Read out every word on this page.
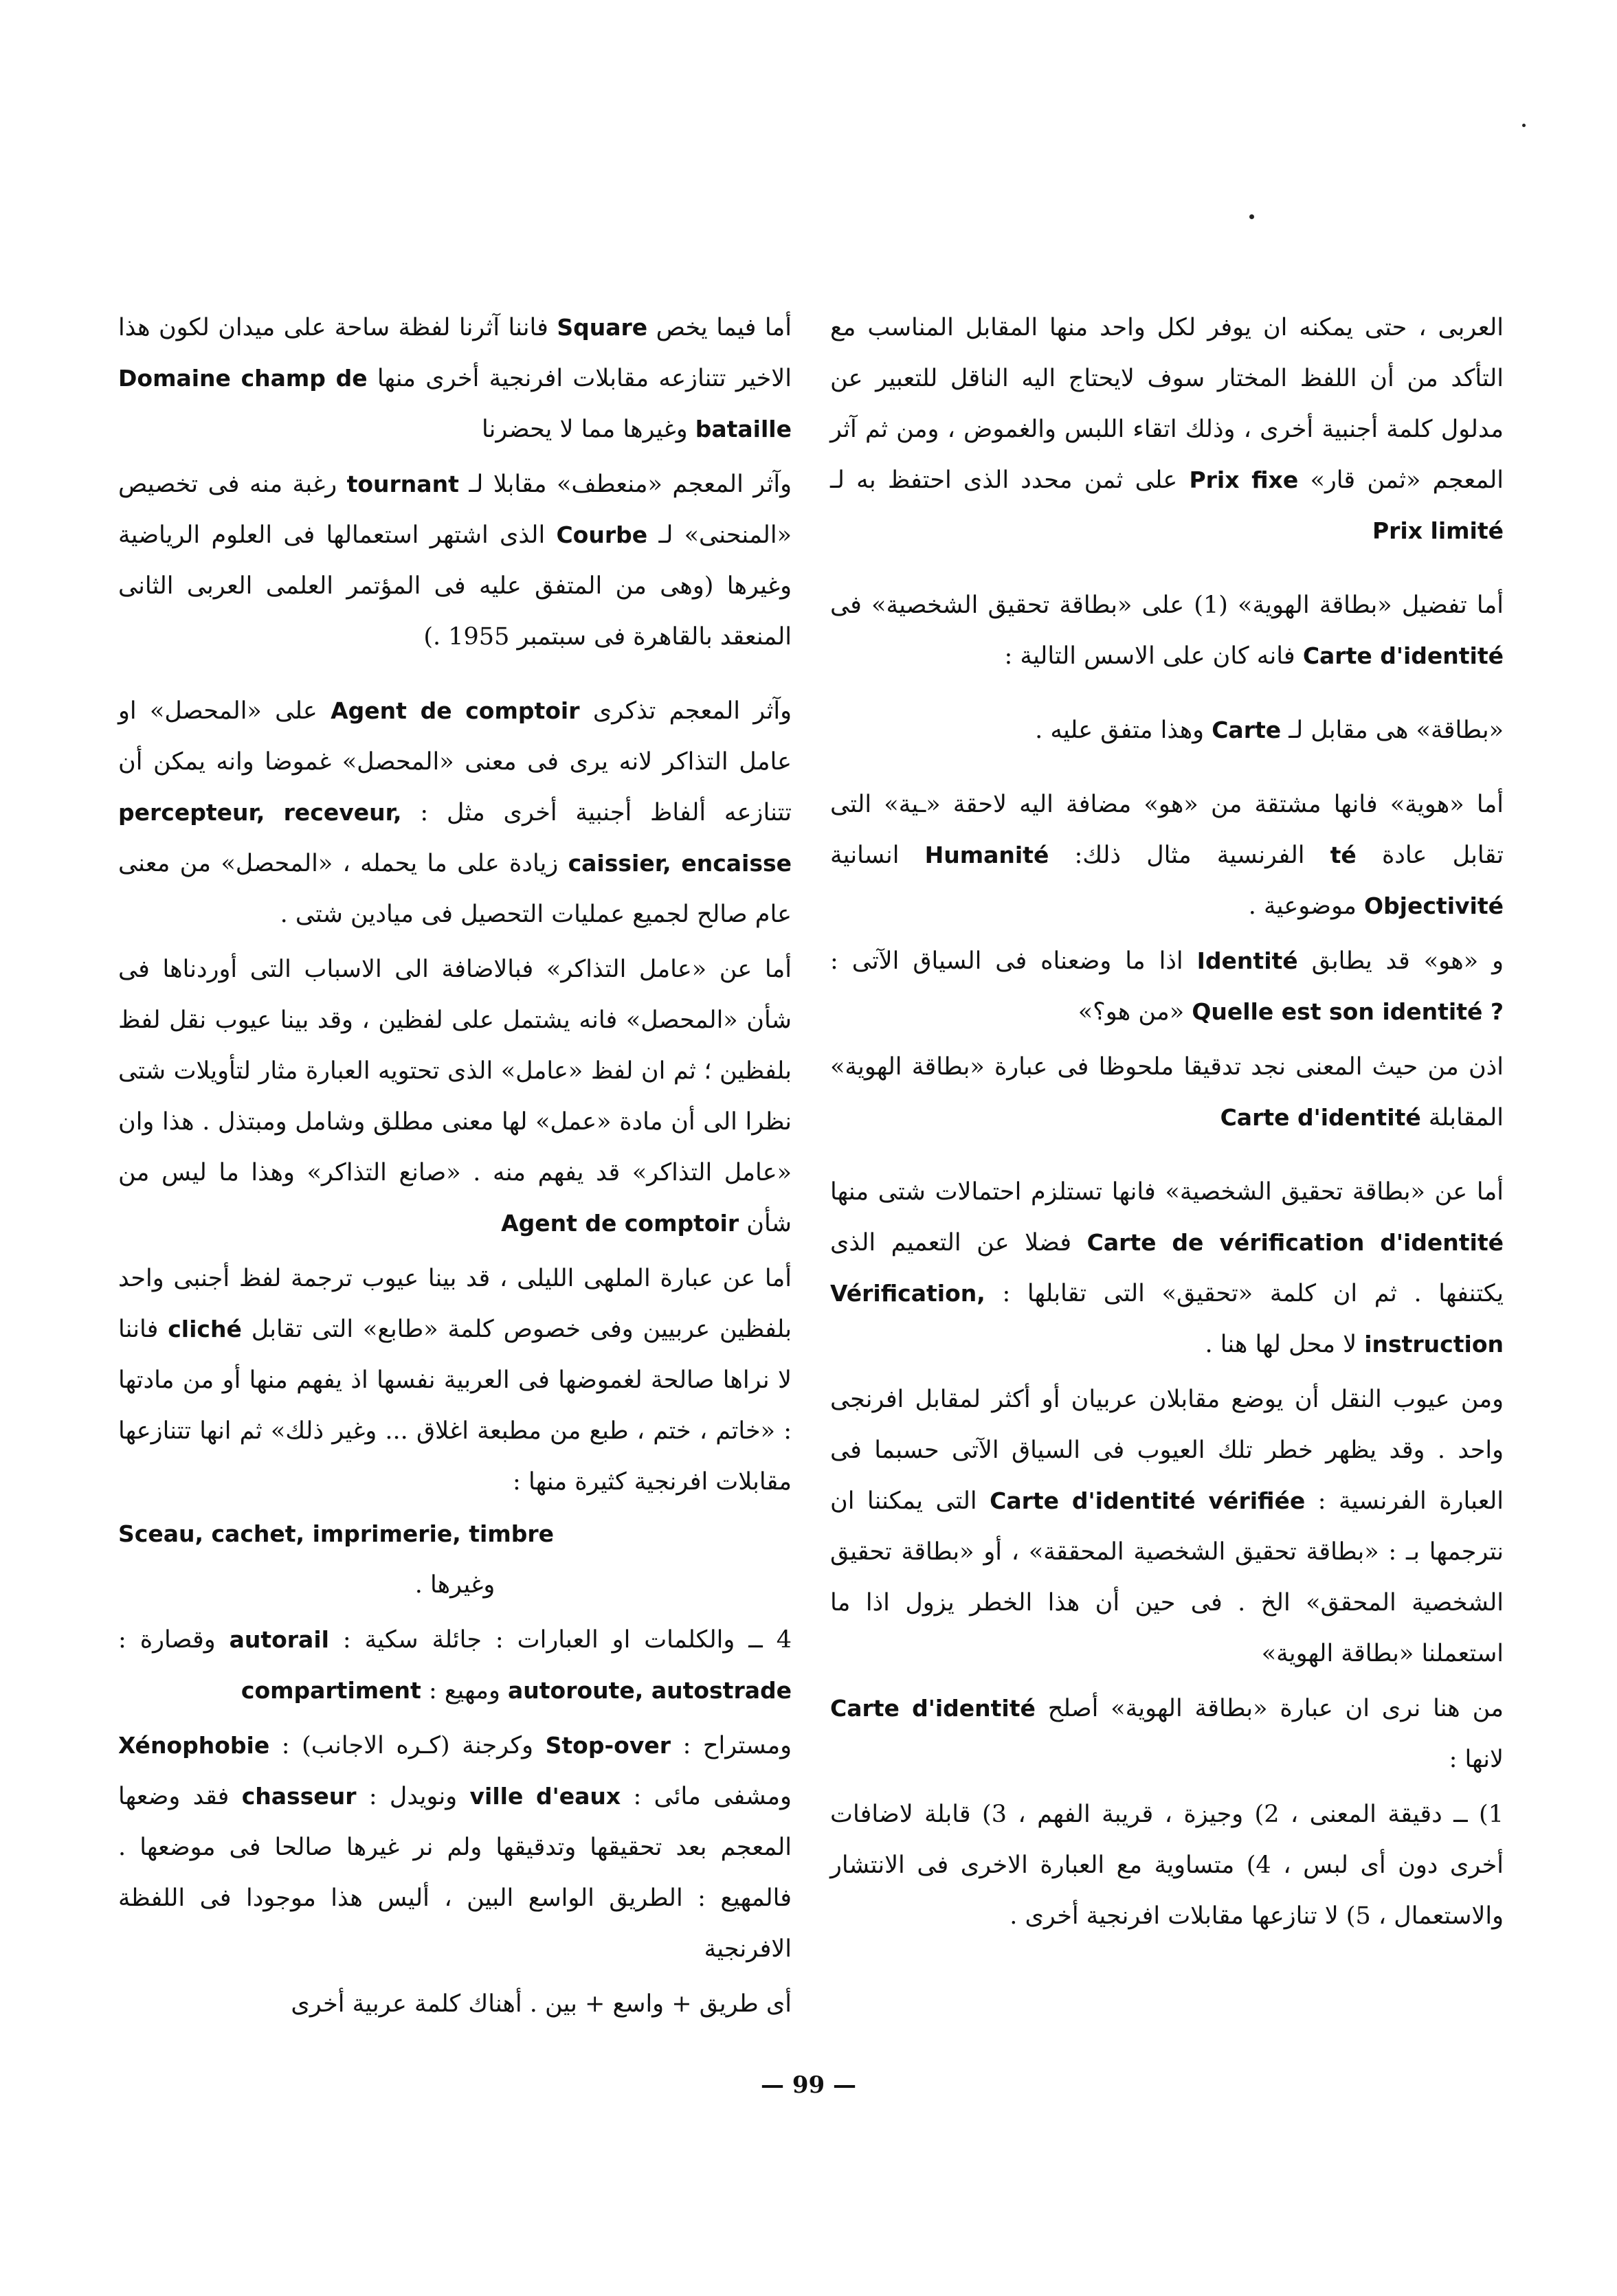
العربى ، حتى يمكنه ان يوفر لكل واحد منها المقابل المناسب مع التأكد من أن اللفظ المختار سوف لايحتاج اليه الناقل للتعبير عن مدلول كلمة أجنبية أخرى ، وذلك اتقاء اللبس والغموض ، ومن ثم آثر المعجم «ثمن قار» Prix fixe على ثمن محدد الذى احتفظ به لـ Prix limité

أما تفضيل «بطاقة الهوية» (1) على «بطاقة تحقيق الشخصية» فى Carte d'identité فانه كان على الاسس التالية :

«بطاقة» هى مقابل لـ Carte وهذا متفق عليه .

أما «هوية» فانها مشتقة من «هو» مضافة اليه لاحقة «ـية» التى تقابل عادة té الفرنسية مثال ذلك: Humanité انسانية Objectivité موضوعية .

و «هو» قد يطابق Identité اذا ما وضعناه فى السياق الآتى : Quelle est son identité ? «من هو؟»

اذن من حيث المعنى نجد تدقيقا ملحوظا فى عبارة «بطاقة الهوية» المقابلة Carte d'identité

أما عن «بطاقة تحقيق الشخصية» فانها تستلزم احتمالات شتى منها Carte de vérification d'identité فضلا عن التعميم الذى يكتنفها . ثم ان كلمة «تحقيق» التى تقابلها : Vérification, instruction لا محل لها هنا .

ومن عيوب النقل أن يوضع مقابلان عربيان أو أكثر لمقابل افرنجى واحد . وقد يظهر خطر تلك العيوب فى السياق الآتى حسبما فى العبارة الفرنسية : Carte d'identité vérifiée التى يمكننا ان نترجمها بـ : «بطاقة تحقيق الشخصية المحققة» ، أو «بطاقة تحقيق الشخصية المحقق» الخ . فى حين أن هذا الخطر يزول اذا ما استعملنا «بطاقة الهوية»

من هنا نرى ان عبارة «بطاقة الهوية» أصلح Carte d'identité لانها :

1) ــ دقيقة المعنى ، 2) وجيزة ، قريبة الفهم ، 3) قابلة لاضافات أخرى دون أى لبس ، 4) متساوية مع العبارة الاخرى فى الانتشار والاستعمال ، 5) لا تنازعها مقابلات افرنجية أخرى .

أما فيما يخص Square فاننا آثرنا لفظة ساحة على ميدان لكون هذا الاخير تتنازعه مقابلات افرنجية أخرى منها Domaine champ de bataille وغيرها مما لا يحضرنا

وآثر المعجم «منعطف» مقابلا لـ tournant رغبة منه فى تخصيص «المنحنى» لـ Courbe الذى اشتهر استعمالها فى العلوم الرياضية وغيرها (وهى من المتفق عليه فى المؤتمر العلمى العربى الثانى المنعقد بالقاهرة فى سبتمبر 1955 .)

وآثر المعجم تذكرى Agent de comptoir على «المحصل» او عامل التذاكر لانه يرى فى معنى «المحصل» غموضا وانه يمكن أن تتنازعه ألفاظ أجنبية أخرى مثل : percepteur, receveur, caissier, encaisse زيادة على ما يحمله ، «المحصل» من معنى عام صالح لجميع عمليات التحصيل فى ميادين شتى .

أما عن «عامل التذاكر» فبالاضافة الى الاسباب التى أوردناها فى شأن «المحصل» فانه يشتمل على لفظين ، وقد بينا عيوب نقل لفظ بلفظين ؛ ثم ان لفظ «عامل» الذى تحتويه العبارة مثار لتأويلات شتى نظرا الى أن مادة «عمل» لها معنى مطلق وشامل ومبتذل . هذا وان «عامل التذاكر» قد يفهم منه . «صانع التذاكر» وهذا ما ليس من شأن Agent de comptoir

أما عن عبارة الملهى الليلى ، قد بينا عيوب ترجمة لفظ أجنبى واحد بلفظين عربيين وفى خصوص كلمة «طابع» التى تقابل cliché فاننا لا نراها صالحة لغموضها فى العربية نفسها اذ يفهم منها أو من مادتها : «خاتم ، ختم ، طبع من مطبعة اغلاق ... وغير ذلك» ثم انها تتنازعها مقابلات افرنجية كثيرة منها :

Sceau, cachet, imprimerie, timbre

وغيرها .

4 ــ والكلمات او العبارات : جائلة سكية : autorail وقصارة : autoroute, autostrade ومهيع : compartiment

ومستراح : Stop-over وكرجنة (كـره الاجانب) : Xénophobie ومشفى مائى : ville d'eaux ونويدل : chasseur فقد وضعها المعجم بعد تحقيقها وتدقيقها ولم نر غيرها صالحا فى موضعها . فالمهيع : الطريق الواسع البين ، أليس هذا موجودا فى اللفظة الافرنجية

أى طريق + واسع + بين . أهناك كلمة عربية أخرى

— 99 —
